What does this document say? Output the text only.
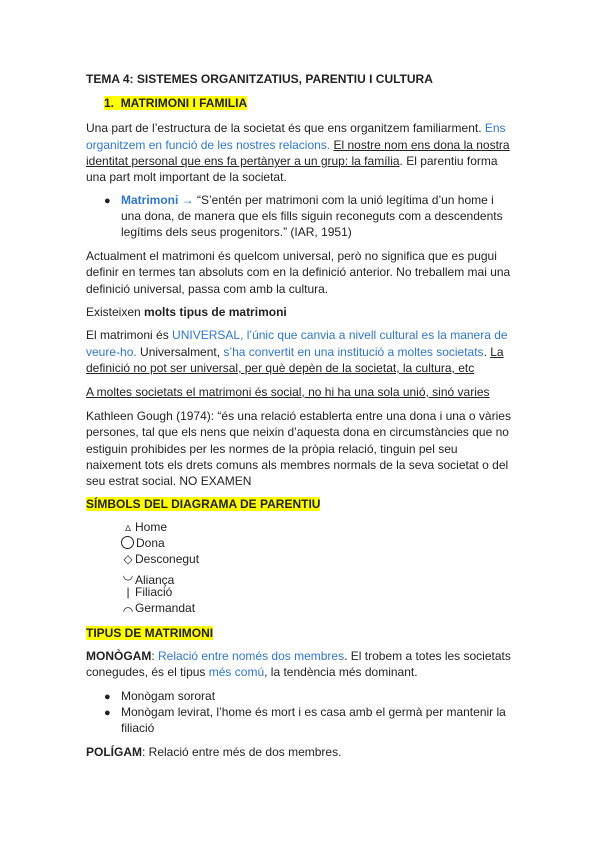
TEMA 4: SISTEMES ORGANITZATIUS, PARENTIU I CULTURA
1. MATRIMONI I FAMILIA
Una part de l’estructura de la societat és que ens organitzem familiarment. Ens
organitzem en funció de les nostres relacions. El nostre nom ens dona la nostra
identitat personal que ens fa pertànyer a un grup: la família. El parentiu forma
una part molt important de la societat.
● Matrimoni → “S’entén per matrimoni com la unió legítima d’un home i
una dona, de manera que els fills siguin reconeguts com a descendents
legítims dels seus progenitors.” (IAR, 1951)
Actualment el matrimoni és quelcom universal, però no significa que es pugui
definir en termes tan absoluts com en la definició anterior. No treballem mai una
definició universal, passa com amb la cultura.
Existeixen molts tipus de matrimoni
El matrimoni és UNIVERSAL, l’únic que canvia a nivell cultural es la manera de
veure-ho. Universalment, s’ha convertit en una institució a moltes societats. La
definició no pot ser universal, per què depèn de la societat, la cultura, etc
A moltes societats el matrimoni és social, no hi ha una sola unió, sinó varies
Kathleen Gough (1974): “és una relació establerta entre una dona i una o vàries
persones, tal que els nens que neixin d’aquesta dona en circumstàncies que no
estiguin prohibides per les normes de la pròpia relació, tinguin pel seu
naixement tots els drets comuns als membres normals de la seva societat o del
seu estrat social. NO EXAMEN
SÍMBOLS DEL DIAGRAMA DE PARENTIU
▵ Home
Dona
◇ Desconegut
◡ Aliança
| Filiació
◠ Germandat
TIPUS DE MATRIMONI
MONÒGAM: Relació entre només dos membres. El trobem a totes les societats
conegudes, és el tipus més comú, la tendència més dominant.
● Monògam sororat
● Monògam levirat, l’home és mort i es casa amb el germà per mantenir la
filiació
POLÍGAM: Relació entre més de dos membres.
